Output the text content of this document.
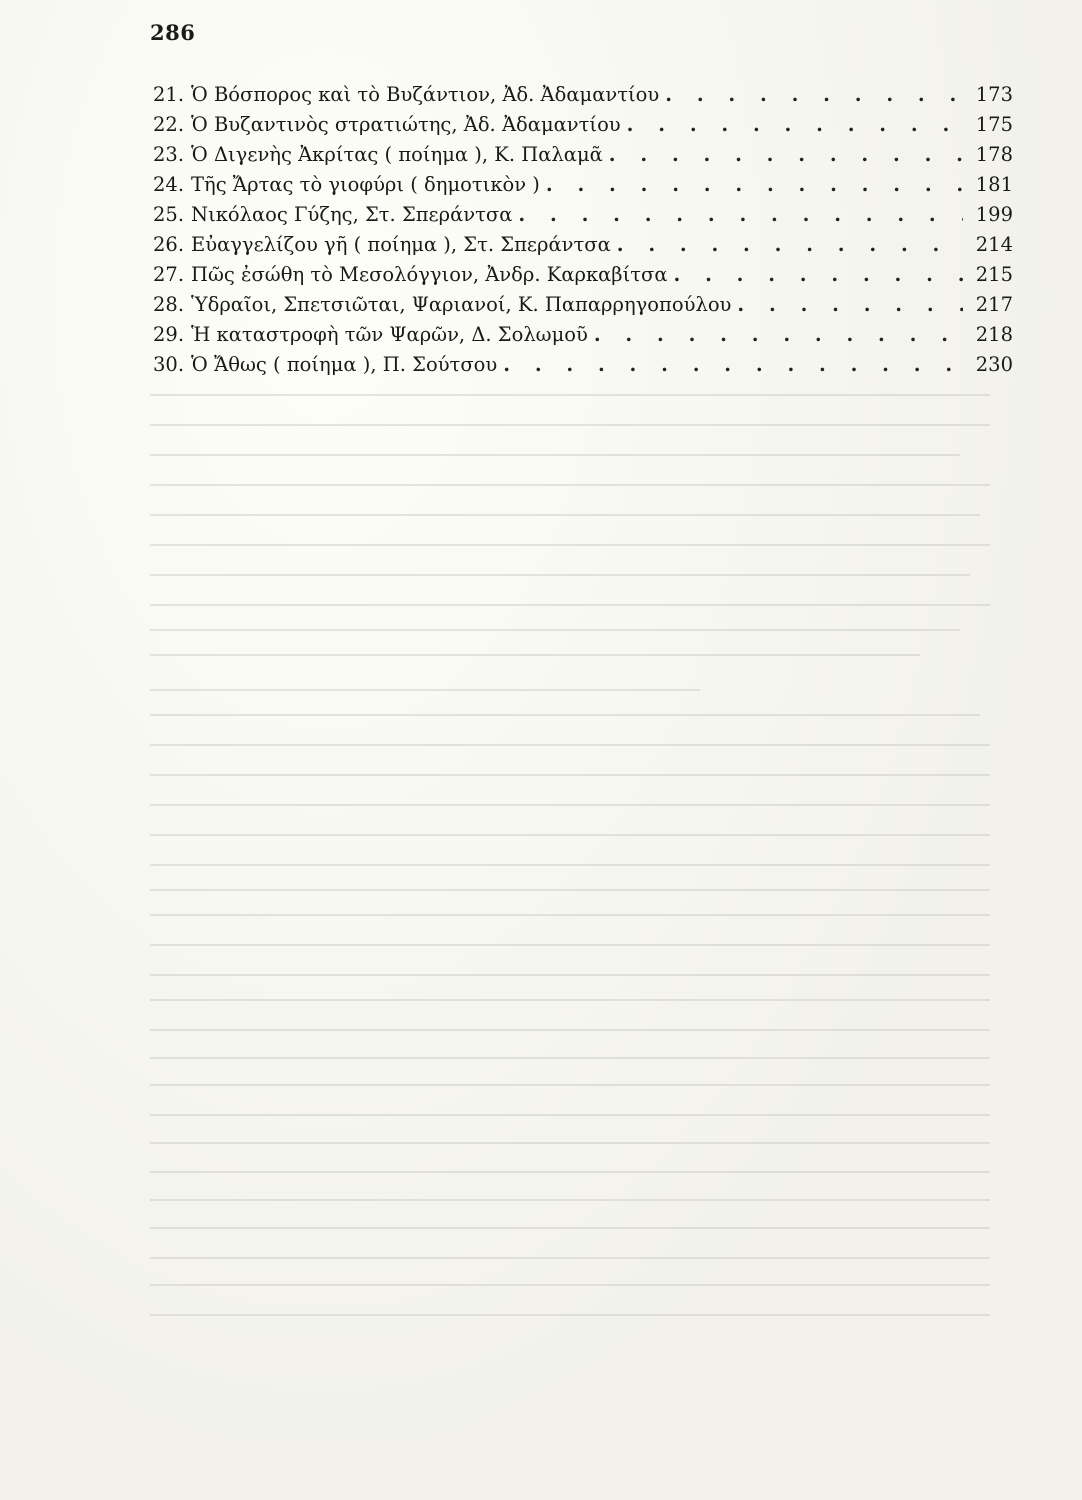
286
21. Ὁ Βόσπορος καὶ τὸ Βυζάντιον, Ἀδ. Ἀδαμαντίου . . .	173
22. Ὁ Βυζαντινὸς στρατιώτης, Ἀδ. Ἀδαμαντίου . . .	175
23. Ὁ Διγενὴς Ἀκρίτας ( ποίημα ), Κ. Παλαμᾶ . . .	178
24. Τῆς Ἄρτας τὸ γιοφύρι ( δημοτικὸν ) . . .	181
25. Νικόλαος Γύζης, Στ. Σπεράντσα . . .	199
26. Εὐαγγελίζου γῆ ( ποίημα ), Στ. Σπεράντσα . . .	214
27. Πῶς ἐσώθη τὸ Μεσολόγγιον, Ἀνδρ. Καρκαβίτσα . . .	215
28. Ὑδραῖοι, Σπετσιῶται, Ψαριανοί, Κ. Παπαρρηγοπούλου . . .	217
29. Ἡ καταστροφὴ τῶν Ψαρῶν, Δ. Σολωμοῦ . . .	218
30. Ὁ Ἄθως ( ποίημα ), Π. Σούτσου . . .	230
